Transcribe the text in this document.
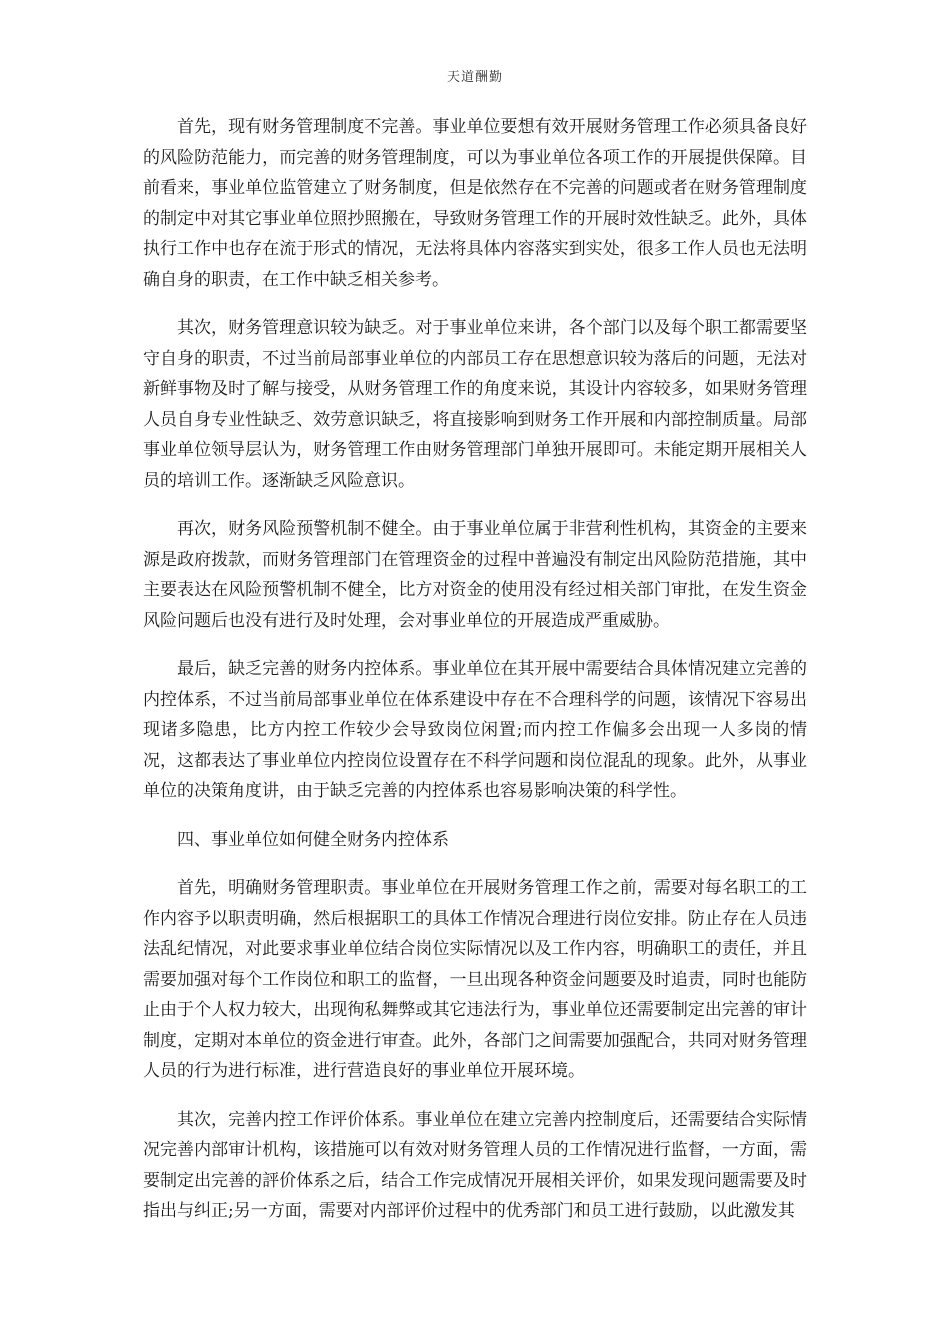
天道酬勤

首先，现有财务管理制度不完善。事业单位要想有效开展财务管理工作必须具备良好的风险防范能力，而完善的财务管理制度，可以为事业单位各项工作的开展提供保障。目前看来，事业单位监管建立了财务制度，但是依然存在不完善的问题或者在财务管理制度的制定中对其它事业单位照抄照搬在，导致财务管理工作的开展时效性缺乏。此外，具体执行工作中也存在流于形式的情况，无法将具体内容落实到实处，很多工作人员也无法明确自身的职责，在工作中缺乏相关参考。

其次，财务管理意识较为缺乏。对于事业单位来讲，各个部门以及每个职工都需要坚守自身的职责，不过当前局部事业单位的内部员工存在思想意识较为落后的问题，无法对新鲜事物及时了解与接受，从财务管理工作的角度来说，其设计内容较多，如果财务管理人员自身专业性缺乏、效劳意识缺乏，将直接影响到财务工作开展和内部控制质量。局部事业单位领导层认为，财务管理工作由财务管理部门单独开展即可。未能定期开展相关人员的培训工作。逐渐缺乏风险意识。

再次，财务风险预警机制不健全。由于事业单位属于非营利性机构，其资金的主要来源是政府拨款，而财务管理部门在管理资金的过程中普遍没有制定出风险防范措施，其中主要表达在风险预警机制不健全，比方对资金的使用没有经过相关部门审批，在发生资金风险问题后也没有进行及时处理，会对事业单位的开展造成严重威胁。

最后，缺乏完善的财务内控体系。事业单位在其开展中需要结合具体情况建立完善的内控体系，不过当前局部事业单位在体系建设中存在不合理科学的问题，该情况下容易出现诸多隐患，比方内控工作较少会导致岗位闲置;而内控工作偏多会出现一人多岗的情况，这都表达了事业单位内控岗位设置存在不科学问题和岗位混乱的现象。此外，从事业单位的决策角度讲，由于缺乏完善的内控体系也容易影响决策的科学性。

四、事业单位如何健全财务内控体系

首先，明确财务管理职责。事业单位在开展财务管理工作之前，需要对每名职工的工作内容予以职责明确，然后根据职工的具体工作情况合理进行岗位安排。防止存在人员违法乱纪情况，对此要求事业单位结合岗位实际情况以及工作内容，明确职工的责任，并且需要加强对每个工作岗位和职工的监督，一旦出现各种资金问题要及时追责，同时也能防止由于个人权力较大，出现徇私舞弊或其它违法行为，事业单位还需要制定出完善的审计制度，定期对本单位的资金进行审查。此外，各部门之间需要加强配合，共同对财务管理人员的行为进行标准，进行营造良好的事业单位开展环境。

其次，完善内控工作评价体系。事业单位在建立完善内控制度后，还需要结合实际情况完善内部审计机构，该措施可以有效对财务管理人员的工作情况进行监督，一方面，需要制定出完善的評价体系之后，结合工作完成情况开展相关评价，如果发现问题需要及时指出与纠正;另一方面，需要对内部评价过程中的优秀部门和员工进行鼓励，以此激发其
